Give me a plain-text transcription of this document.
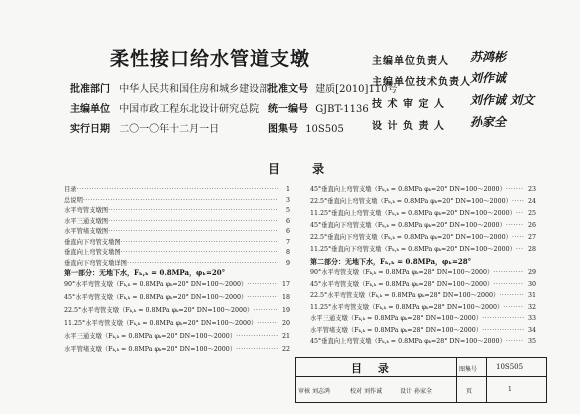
柔性接口给水管道支墩
批准部门 中华人民共和国住房和城乡建设部
批准文号 建质[2010]110号
主编单位 中国市政工程东北设计研究总院 统一编号 GJBT-1136
实行日期 二〇一〇年十二月一日	图集号 10S505
主编单位负责人 苏鸿彬
主编单位技术负责人 刘作诚
技 术 审 定 人 刘作诚 刘文
设 计 负 责 人 孙家全
目 录
目录 ·····	1
总说明 ·····	3
水平弯管支墩图 ·····	5
水平三通支墩图 ·····	6
水平管堵支墩图 ·····	6
垂直向下弯管支墩图 ·····	7
垂直向上弯管支墩图 ·····	8
垂直向下弯管支墩详图 ·····	9
第一部分：无地下水，Fₖ,ₖ = 0.8MPa，φₖ=20°
90°水平弯管支墩（Fₖ,ₖ = 0.8MPa φₖ=20° DN=100～2000） ·····	17
45°水平弯管支墩（Fₖ,ₖ = 0.8MPa φₖ=20° DN=100～2000） ·····	18
22.5°水平弯管支墩（Fₖ,ₖ = 0.8MPa φₖ=20° DN=100～2000） ·····	19
11.25°水平弯管支墩（Fₖ,ₖ = 0.8MPa φₖ=20° DN=100～2000） ·····	20
水平三通支墩（Fₖ,ₖ = 0.8MPa φₖ=20° DN=100～2000） ·····	21
水平管堵支墩（Fₖ,ₖ = 0.8MPa φₖ=20° DN=100～2000） ·····	22
45°垂直向上弯管支墩（Fₖ,ₖ = 0.8MPa φₖ=20° DN=100～2000） ·····	23
22.5°垂直向上弯管支墩（Fₖ,ₖ = 0.8MPa φₖ=20° DN=100～2000） ·····	24
11.25°垂直向上弯管支墩（Fₖ,ₖ = 0.8MPa φₖ=20° DN=100～2000） ·····	25
45°垂直向下弯管支墩（Fₖ,ₖ = 0.8MPa φₖ=20° DN=100～2000） ·····	26
22.5°垂直向下弯管支墩（Fₖ,ₖ = 0.8MPa φₖ=20° DN=100～2000） ·····	27
11.25°垂直向下弯管支墩（Fₖ,ₖ = 0.8MPa φₖ=20° DN=100～2000） ·····	28
第二部分：无地下水，Fₖ,ₖ = 0.8MPa，φₖ=28°
90°水平弯管支墩（Fₖ,ₖ = 0.8MPa φₖ=28° DN=100～2000） ·····	29
45°水平弯管支墩（Fₖ,ₖ = 0.8MPa φₖ=28° DN=100～2000） ·····	30
22.5°水平弯管支墩（Fₖ,ₖ = 0.8MPa φₖ=28° DN=100～2000） ·····	31
11.25°水平弯管支墩（Fₖ,ₖ = 0.8MPa φₖ=28° DN=100～2000） ·····	32
水平三通支墩（Fₖ,ₖ = 0.8MPa φₖ=28° DN=100～2000） ·····	33
水平管堵支墩（Fₖ,ₖ = 0.8MPa φₖ=28° DN=100～2000） ·····	34
45°垂直向上弯管支墩（Fₖ,ₖ = 0.8MPa φₖ=28° DN=100～2000） ·····	35
目 录	图集号	10S505
审核 刘志鸿	校对 刘作诚	设计 孙家全	页	1
